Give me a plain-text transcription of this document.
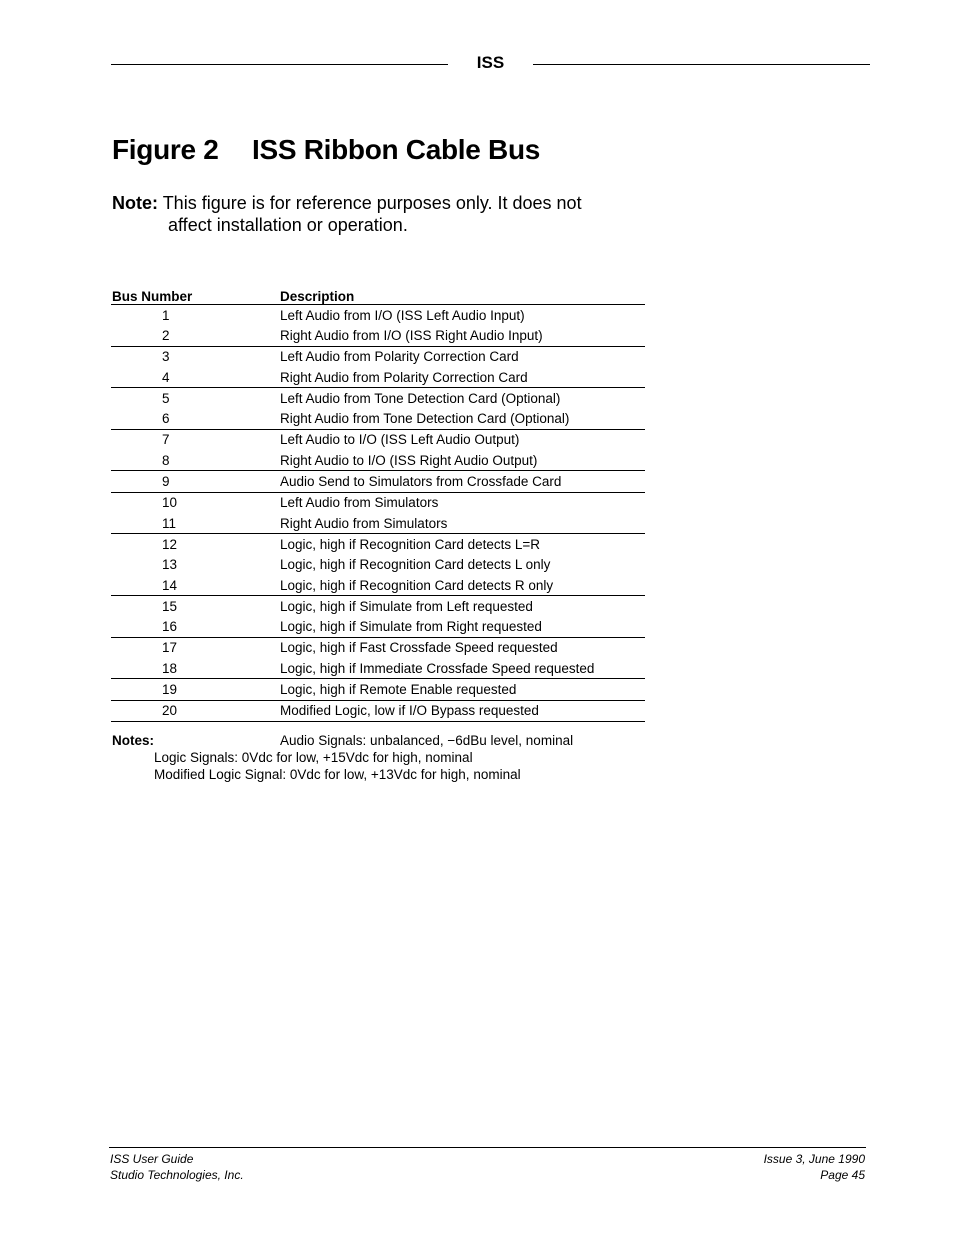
ISS
Figure 2 ISS Ribbon Cable Bus
Note: This figure is for reference purposes only. It does not
affect installation or operation.
Bus Number	Description
1	Left Audio from I/O (ISS Left Audio Input)
2	Right Audio from I/O (ISS Right Audio Input)
3	Left Audio from Polarity Correction Card
4	Right Audio from Polarity Correction Card
5	Left Audio from Tone Detection Card (Optional)
6	Right Audio from Tone Detection Card (Optional)
7	Left Audio to I/O (ISS Left Audio Output)
8	Right Audio to I/O (ISS Right Audio Output)
9	Audio Send to Simulators from Crossfade Card
10	Left Audio from Simulators
11	Right Audio from Simulators
12	Logic, high if Recognition Card detects L=R
13	Logic, high if Recognition Card detects L only
14	Logic, high if Recognition Card detects R only
15	Logic, high if Simulate from Left requested
16	Logic, high if Simulate from Right requested
17	Logic, high if Fast Crossfade Speed requested
18	Logic, high if Immediate Crossfade Speed requested
19	Logic, high if Remote Enable requested
20	Modified Logic, low if I/O Bypass requested
Notes:	Audio Signals: unbalanced, −6dBu level, nominal
Logic Signals: 0Vdc for low, +15Vdc for high, nominal
Modified Logic Signal: 0Vdc for low, +13Vdc for high, nominal
ISS User Guide
Studio Technologies, Inc.
Issue 3, June 1990
Page 45
